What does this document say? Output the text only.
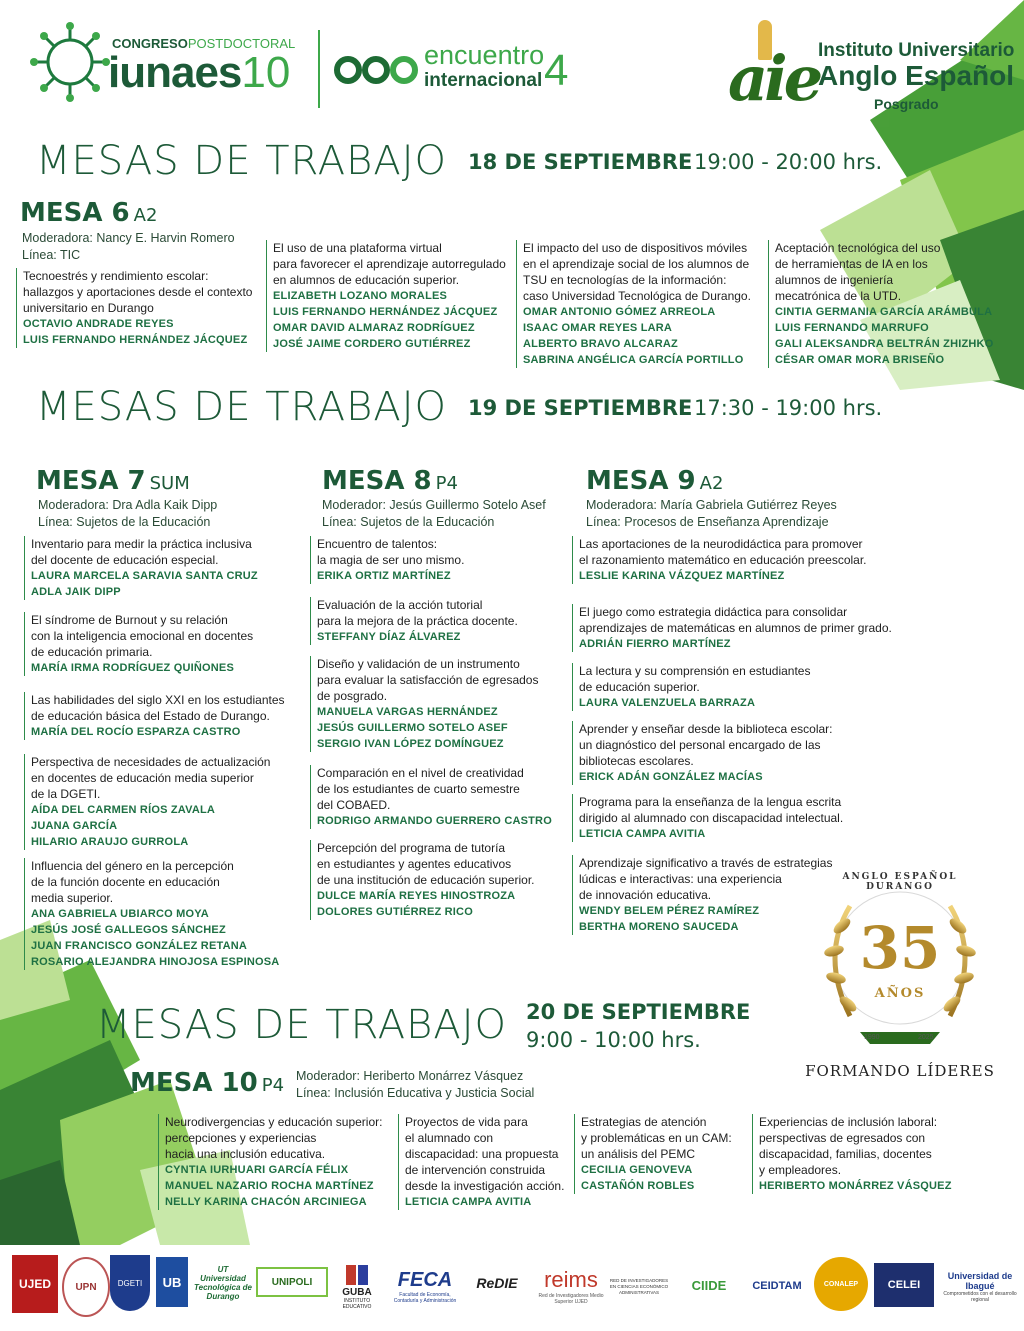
CONGRESOPOSTDOCTORAL
iunaes10	encuentro
internacional 4	aie
Instituto Universitario
Anglo Español
Posgrado
MESAS DE TRABAJO 18 DE SEPTIEMBRE 19:00 - 20:00 hrs.
MESA 6 A2
Moderadora: Nancy E. Harvin Romero
Línea: TIC
Tecnoestrés y rendimiento escolar:
hallazgos y aportaciones desde el contexto
universitario en Durango
OCTAVIO ANDRADE REYES
LUIS FERNANDO HERNÁNDEZ JÁCQUEZ
El uso de una plataforma virtual
para favorecer el aprendizaje autorregulado
en alumnos de educación superior.
ELIZABETH LOZANO MORALES
LUIS FERNANDO HERNÁNDEZ JÁCQUEZ
OMAR DAVID ALMARAZ RODRÍGUEZ
JOSÉ JAIME CORDERO GUTIÉRREZ
El impacto del uso de dispositivos móviles
en el aprendizaje social de los alumnos de
TSU en tecnologías de la información:
caso Universidad Tecnológica de Durango.
OMAR ANTONIO GÓMEZ ARREOLA
ISAAC OMAR REYES LARA
ALBERTO BRAVO ALCARAZ
SABRINA ANGÉLICA GARCÍA PORTILLO
Aceptación tecnológica del uso
de herramientas de IA en los
alumnos de ingeniería
mecatrónica de la UTD.
CINTIA GERMANIA GARCÍA ARÁMBULA
LUIS FERNANDO MARRUFO
GALI ALEKSANDRA BELTRÁN ZHIZHKO
CÉSAR OMAR MORA BRISEÑO
MESAS DE TRABAJO 19 DE SEPTIEMBRE 17:30 - 19:00 hrs.
MESA 7 SUM
Moderadora: Dra Adla Kaik Dipp
Línea: Sujetos de la Educación
Inventario para medir la práctica inclusiva
del docente de educación especial.
LAURA MARCELA SARAVIA SANTA CRUZ
ADLA JAIK DIPP
El síndrome de Burnout y su relación
con la inteligencia emocional en docentes
de educación primaria.
MARÍA IRMA RODRÍGUEZ QUIÑONES
Las habilidades del siglo XXI en los estudiantes
de educación básica del Estado de Durango.
MARÍA DEL ROCÍO ESPARZA CASTRO
Perspectiva de necesidades de actualización
en docentes de educación media superior
de la DGETI.
AÍDA DEL CARMEN RÍOS ZAVALA
JUANA GARCÍA
HILARIO ARAUJO GURROLA
Influencia del género en la percepción
de la función docente en educación
media superior.
ANA GABRIELA UBIARCO MOYA
JESÚS JOSÉ GALLEGOS SÁNCHEZ
JUAN FRANCISCO GONZÁLEZ RETANA
ROSARIO ALEJANDRA HINOJOSA ESPINOSA
MESA 8 P4
Moderador: Jesús Guillermo Sotelo Asef
Línea: Sujetos de la Educación
Encuentro de talentos:
la magia de ser uno mismo.
ERIKA ORTIZ MARTÍNEZ
Evaluación de la acción tutorial
para la mejora de la práctica docente.
STEFFANY DÍAZ ÁLVAREZ
Diseño y validación de un instrumento
para evaluar la satisfacción de egresados
de posgrado.
MANUELA VARGAS HERNÁNDEZ
JESÚS GUILLERMO SOTELO ASEF
SERGIO IVAN LÓPEZ DOMÍNGUEZ
Comparación en el nivel de creatividad
de los estudiantes de cuarto semestre
del COBAED.
RODRIGO ARMANDO GUERRERO CASTRO
Percepción del programa de tutoría
en estudiantes y agentes educativos
de una institución de educación superior.
DULCE MARÍA REYES HINOSTROZA
DOLORES GUTIÉRREZ RICO
MESA 9 A2
Moderadora: María Gabriela Gutiérrez Reyes
Línea: Procesos de Enseñanza Aprendizaje
Las aportaciones de la neurodidáctica para promover
el razonamiento matemático en educación preescolar.
LESLIE KARINA VÁZQUEZ MARTÍNEZ
El juego como estrategia didáctica para consolidar
aprendizajes de matemáticas en alumnos de primer grado.
ADRIÁN FIERRO MARTÍNEZ
La lectura y su comprensión en estudiantes
de educación superior.
LAURA VALENZUELA BARRAZA
Aprender y enseñar desde la biblioteca escolar:
un diagnóstico del personal encargado de las
bibliotecas escolares.
ERICK ADÁN GONZÁLEZ MACÍAS
Programa para la enseñanza de la lengua escrita
dirigido al alumnado con discapacidad intelectual.
LETICIA CAMPA AVITIA
Aprendizaje significativo a través de estrategias
lúdicas e interactivas: una experiencia
de innovación educativa.
WENDY BELEM PÉREZ RAMÍREZ
BERTHA MORENO SAUCEDA
ANGLO ESPAÑOL DURANGO
35
AÑOS
1990	2025
FORMANDO LÍDERES
MESAS DE TRABAJO 20 DE SEPTIEMBRE
9:00 - 10:00 hrs.
MESA 10 P4 Moderador: Heriberto Monárrez Vásquez
Línea: Inclusión Educativa y Justicia Social
Neurodivergencias y educación superior:
percepciones y experiencias
hacia una inclusión educativa.
CYNTIA IURHUARI GARCÍA FÉLIX
MANUEL NAZARIO ROCHA MARTÍNEZ
NELLY KARINA CHACÓN ARCINIEGA
Proyectos de vida para
el alumnado con
discapacidad: una propuesta
de intervención construida
desde la investigación acción.
LETICIA CAMPA AVITIA
Estrategias de atención
y problemáticas en un CAM:
un análisis del PEMC
CECILIA GENOVEVA
CASTAÑÓN ROBLES
Experiencias de inclusión laboral:
perspectivas de egresados con
discapacidad, familias, docentes
y empleadores.
HERIBERTO MONÁRREZ VÁSQUEZ
UJED UPN	DGETI UB
UT Universidad Tecnológica de Durango
UNIPOLI
GUBA
INSTITUTO EDUCATIVO
FECA
Facultad de Economía, Contaduría y Administración
ReDIE reims
Red de Investigadores Medio Superior UJED
RED DE INVESTIGADORES EN CIENCIAS ECONÓMICO ADMINISTRATIVAS	CIIDE CEIDTAM	CONALEP	CELEI
Universidad de Ibagué
Comprometidos con el desarrollo regional
